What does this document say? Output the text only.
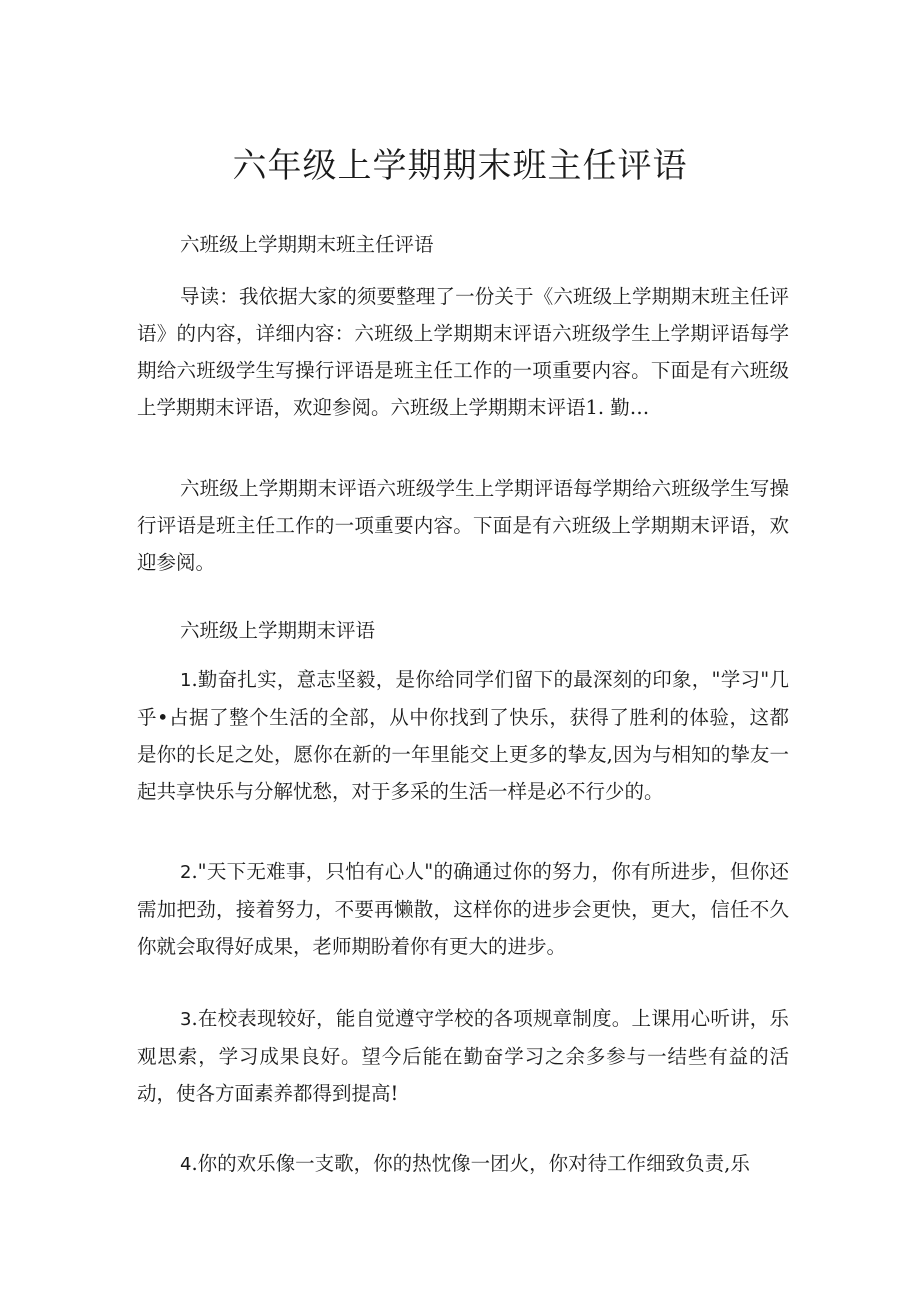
六年级上学期期末班主任评语

六班级上学期期末班主任评语

导读：我依据大家的须要整理了一份关于《六班级上学期期末班主任评语》的内容，详细内容：六班级上学期期末评语六班级学生上学期评语每学期给六班级学生写操行评语是班主任工作的一项重要内容。下面是有六班级上学期期末评语，欢迎参阅。六班级上学期期末评语1. 勤…

六班级上学期期末评语六班级学生上学期评语每学期给六班级学生写操行评语是班主任工作的一项重要内容。下面是有六班级上学期期末评语，欢迎参阅。

六班级上学期期末评语

1.勤奋扎实，意志坚毅，是你给同学们留下的最深刻的印象，"学习"几乎•占据了整个生活的全部，从中你找到了快乐，获得了胜利的体验，这都是你的长足之处，愿你在新的一年里能交上更多的挚友,因为与相知的挚友一起共享快乐与分解忧愁，对于多采的生活一样是必不行少的。

2."天下无难事，只怕有心人"的确通过你的努力，你有所进步，但你还需加把劲，接着努力，不要再懒散，这样你的进步会更快，更大，信任不久你就会取得好成果，老师期盼着你有更大的进步。

3.在校表现较好，能自觉遵守学校的各项规章制度。上课用心听讲，乐观思索，学习成果良好。望今后能在勤奋学习之余多参与一结些有益的活动，使各方面素养都得到提高!

4.你的欢乐像一支歌，你的热忱像一团火，你对待工作细致负责,乐
